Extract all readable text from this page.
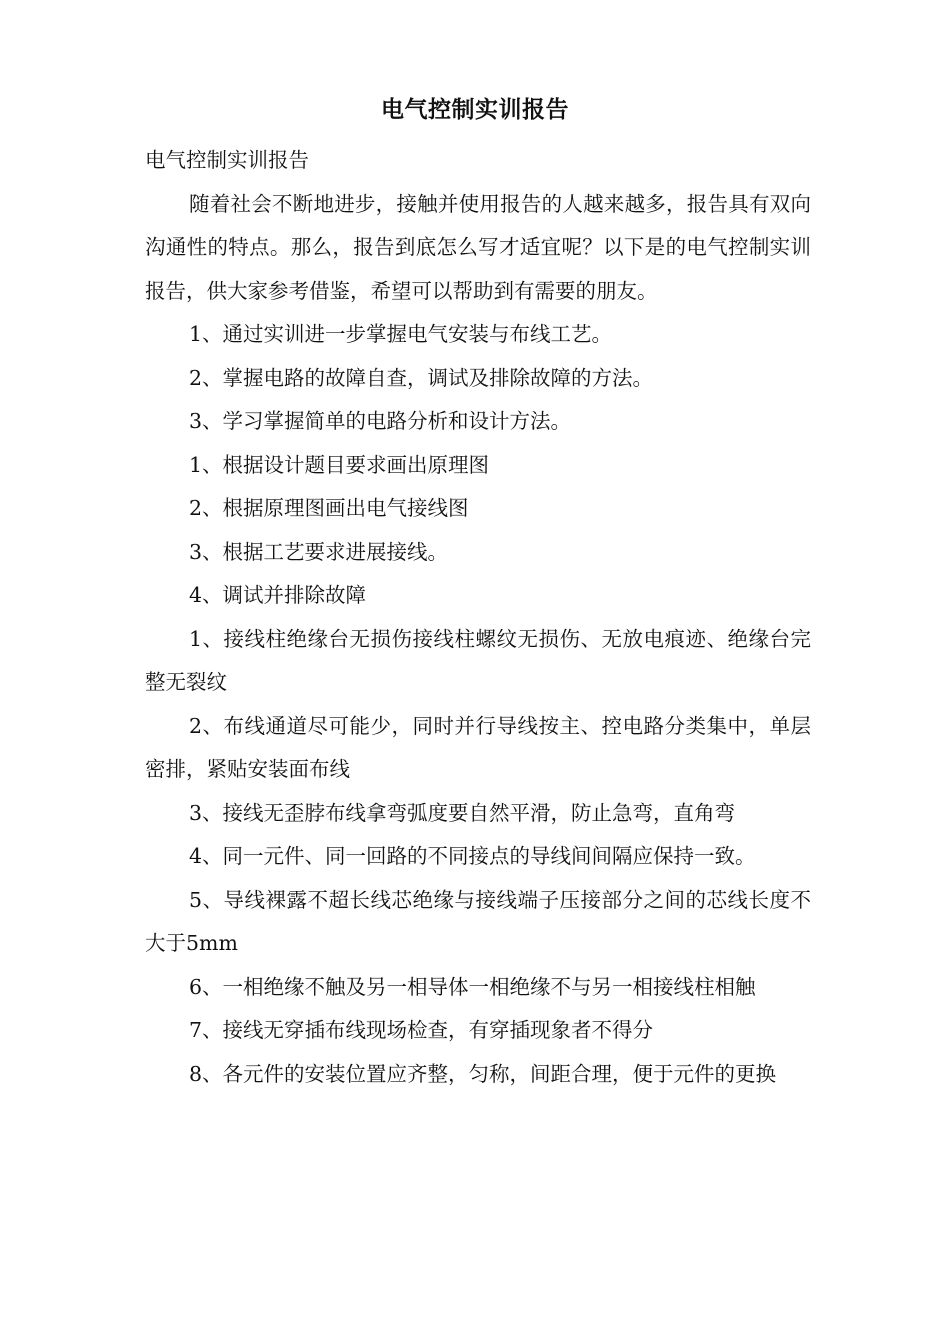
电气控制实训报告

电气控制实训报告

随着社会不断地进步，接触并使用报告的人越来越多，报告具有双向沟通性的特点。那么，报告到底怎么写才适宜呢？以下是的电气控制实训报告，供大家参考借鉴，希望可以帮助到有需要的朋友。

1、通过实训进一步掌握电气安装与布线工艺。

2、掌握电路的故障自查，调试及排除故障的方法。

3、学习掌握简单的电路分析和设计方法。

1、根据设计题目要求画出原理图

2、根据原理图画出电气接线图

3、根据工艺要求进展接线。

4、调试并排除故障

1、接线柱绝缘台无损伤接线柱螺纹无损伤、无放电痕迹、绝缘台完整无裂纹

2、布线通道尽可能少，同时并行导线按主、控电路分类集中，单层密排，紧贴安装面布线

3、接线无歪脖布线拿弯弧度要自然平滑，防止急弯，直角弯

4、同一元件、同一回路的不同接点的导线间间隔应保持一致。

5、导线裸露不超长线芯绝缘与接线端子压接部分之间的芯线长度不大于5mm

6、一相绝缘不触及另一相导体一相绝缘不与另一相接线柱相触

7、接线无穿插布线现场检查，有穿插现象者不得分

8、各元件的安装位置应齐整，匀称，间距合理，便于元件的更换
